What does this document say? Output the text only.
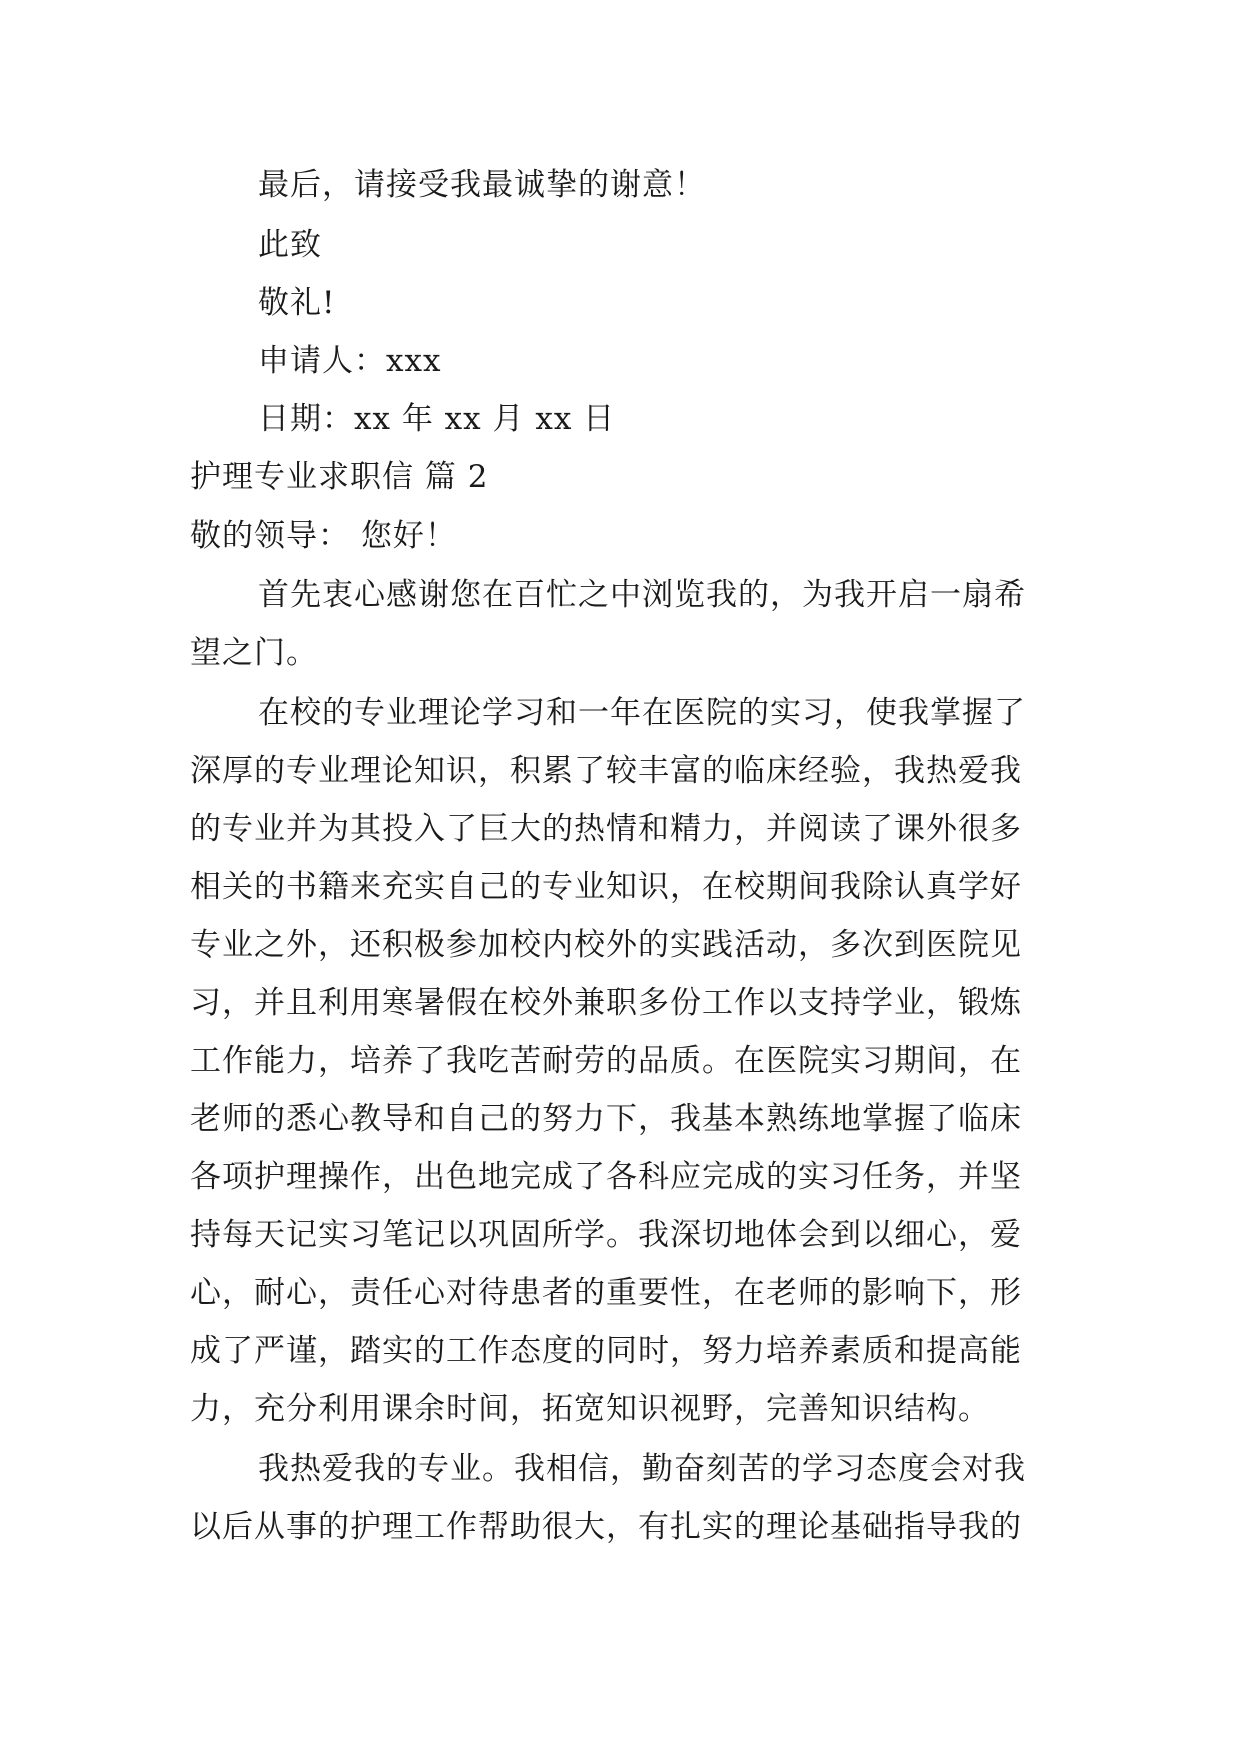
最后，请接受我最诚挚的谢意！
此致
敬礼!
申请人：xxx
日期：xx 年 xx 月 xx 日
护理专业求职信 篇 2
敬的领导： 您好！
首先衷心感谢您在百忙之中浏览我的，为我开启一扇希
望之门。
在校的专业理论学习和一年在医院的实习，使我掌握了
深厚的专业理论知识，积累了较丰富的临床经验，我热爱我
的专业并为其投入了巨大的热情和精力，并阅读了课外很多
相关的书籍来充实自己的专业知识，在校期间我除认真学好
专业之外，还积极参加校内校外的实践活动，多次到医院见
习，并且利用寒暑假在校外兼职多份工作以支持学业，锻炼
工作能力，培养了我吃苦耐劳的品质。在医院实习期间，在
老师的悉心教导和自己的努力下，我基本熟练地掌握了临床
各项护理操作，出色地完成了各科应完成的实习任务，并坚
持每天记实习笔记以巩固所学。我深切地体会到以细心，爱
心，耐心，责任心对待患者的重要性，在老师的影响下，形
成了严谨，踏实的工作态度的同时，努力培养素质和提高能
力，充分利用课余时间，拓宽知识视野，完善知识结构。
我热爱我的专业。我相信，勤奋刻苦的学习态度会对我
以后从事的护理工作帮助很大，有扎实的理论基础指导我的
